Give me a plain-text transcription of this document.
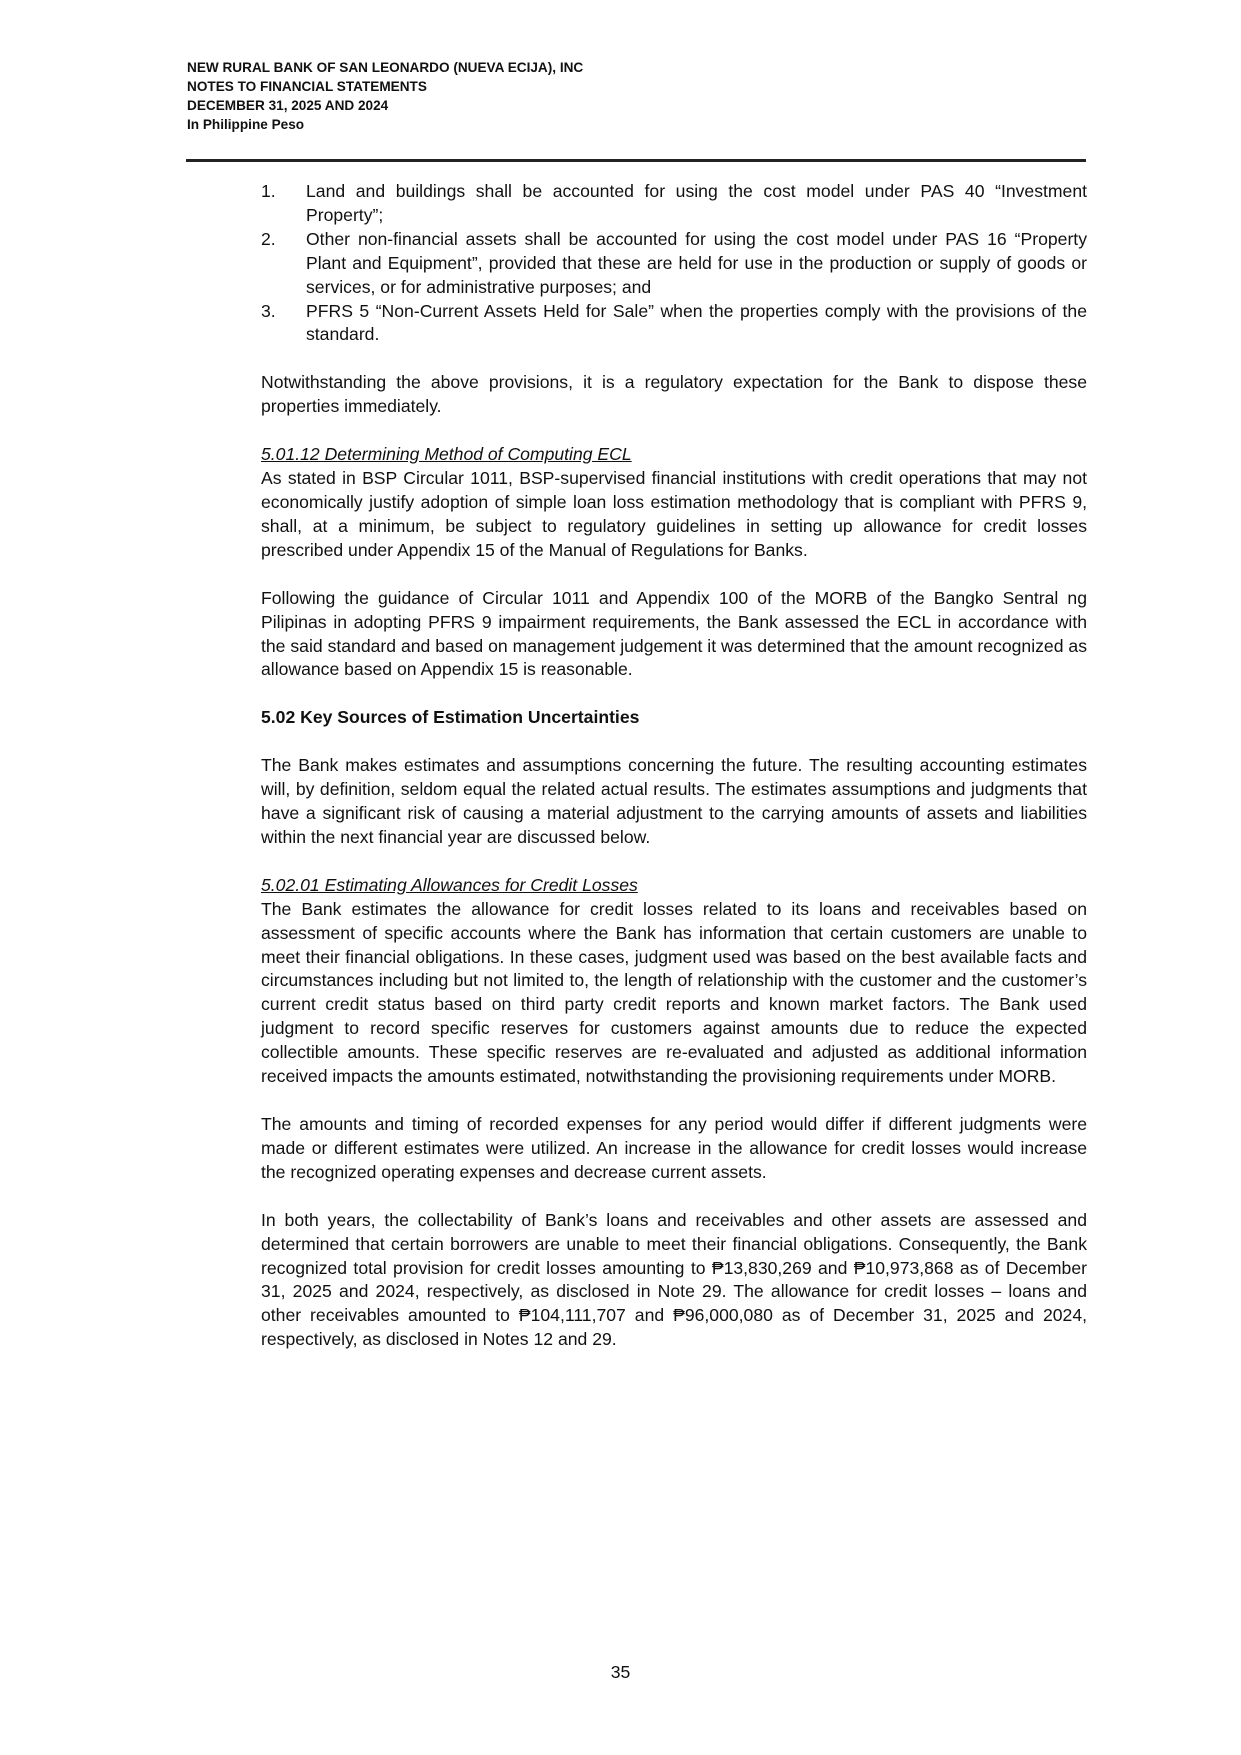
NEW RURAL BANK OF SAN LEONARDO (NUEVA ECIJA), INC
NOTES TO FINANCIAL STATEMENTS
DECEMBER 31, 2025 AND 2024
In Philippine Peso
1. Land and buildings shall be accounted for using the cost model under PAS 40 “Investment Property”;
2. Other non-financial assets shall be accounted for using the cost model under PAS 16 “Property Plant and Equipment”, provided that these are held for use in the production or supply of goods or services, or for administrative purposes; and
3. PFRS 5 “Non-Current Assets Held for Sale” when the properties comply with the provisions of the standard.

Notwithstanding the above provisions, it is a regulatory expectation for the Bank to dispose these properties immediately.

5.01.12 Determining Method of Computing ECL

As stated in BSP Circular 1011, BSP-supervised financial institutions with credit operations that may not economically justify adoption of simple loan loss estimation methodology that is compliant with PFRS 9, shall, at a minimum, be subject to regulatory guidelines in setting up allowance for credit losses prescribed under Appendix 15 of the Manual of Regulations for Banks.

Following the guidance of Circular 1011 and Appendix 100 of the MORB of the Bangko Sentral ng Pilipinas in adopting PFRS 9 impairment requirements, the Bank assessed the ECL in accordance with the said standard and based on management judgement it was determined that the amount recognized as allowance based on Appendix 15 is reasonable.

5.02 Key Sources of Estimation Uncertainties

The Bank makes estimates and assumptions concerning the future. The resulting accounting estimates will, by definition, seldom equal the related actual results. The estimates assumptions and judgments that have a significant risk of causing a material adjustment to the carrying amounts of assets and liabilities within the next financial year are discussed below.

5.02.01 Estimating Allowances for Credit Losses

The Bank estimates the allowance for credit losses related to its loans and receivables based on assessment of specific accounts where the Bank has information that certain customers are unable to meet their financial obligations. In these cases, judgment used was based on the best available facts and circumstances including but not limited to, the length of relationship with the customer and the customer’s current credit status based on third party credit reports and known market factors. The Bank used judgment to record specific reserves for customers against amounts due to reduce the expected collectible amounts. These specific reserves are re-evaluated and adjusted as additional information received impacts the amounts estimated, notwithstanding the provisioning requirements under MORB.

The amounts and timing of recorded expenses for any period would differ if different judgments were made or different estimates were utilized. An increase in the allowance for credit losses would increase the recognized operating expenses and decrease current assets.

In both years, the collectability of Bank’s loans and receivables and other assets are assessed and determined that certain borrowers are unable to meet their financial obligations. Consequently, the Bank recognized total provision for credit losses amounting to ₱13,830,269 and ₱10,973,868 as of December 31, 2025 and 2024, respectively, as disclosed in Note 29. The allowance for credit losses – loans and other receivables amounted to ₱104,111,707 and ₱96,000,080 as of December 31, 2025 and 2024, respectively, as disclosed in Notes 12 and 29.

35
